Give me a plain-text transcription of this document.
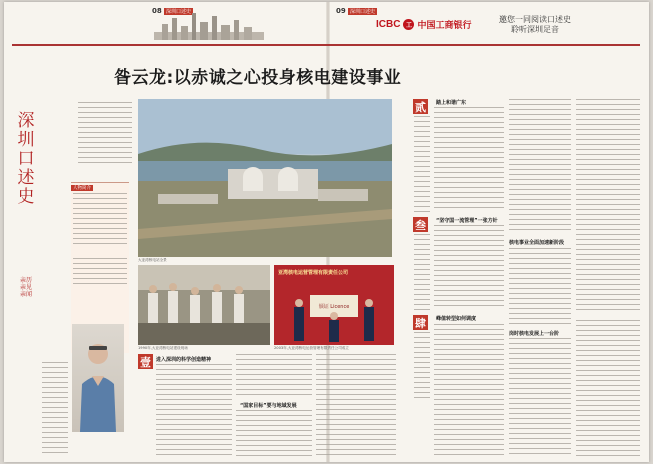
08 深圳口述史	09 深圳口述史
ICBC 工 中国工商银行
邀您一同阅读口述史
聆听深圳足音
深圳口述史
亲历 亲见 亲闻
昝云龙:以赤诚之心投身核电建设事业
人物简介
大亚湾核电站全景
1990年,大亚湾核电站建设现场
亚湾核电运营管理有限责任公司
颁证 Licence
2003年,大亚湾核电运营管理有限责任公司成立
壹
贰
叁
肆
进入深圳的科学创造精神
“国家目标”要与地域发展
踏上和谐广东
“坚守国一流管理”一张方针
核电事业全面加速新阶段
峰值转型如何调度
岗时核电发展上一台阶
